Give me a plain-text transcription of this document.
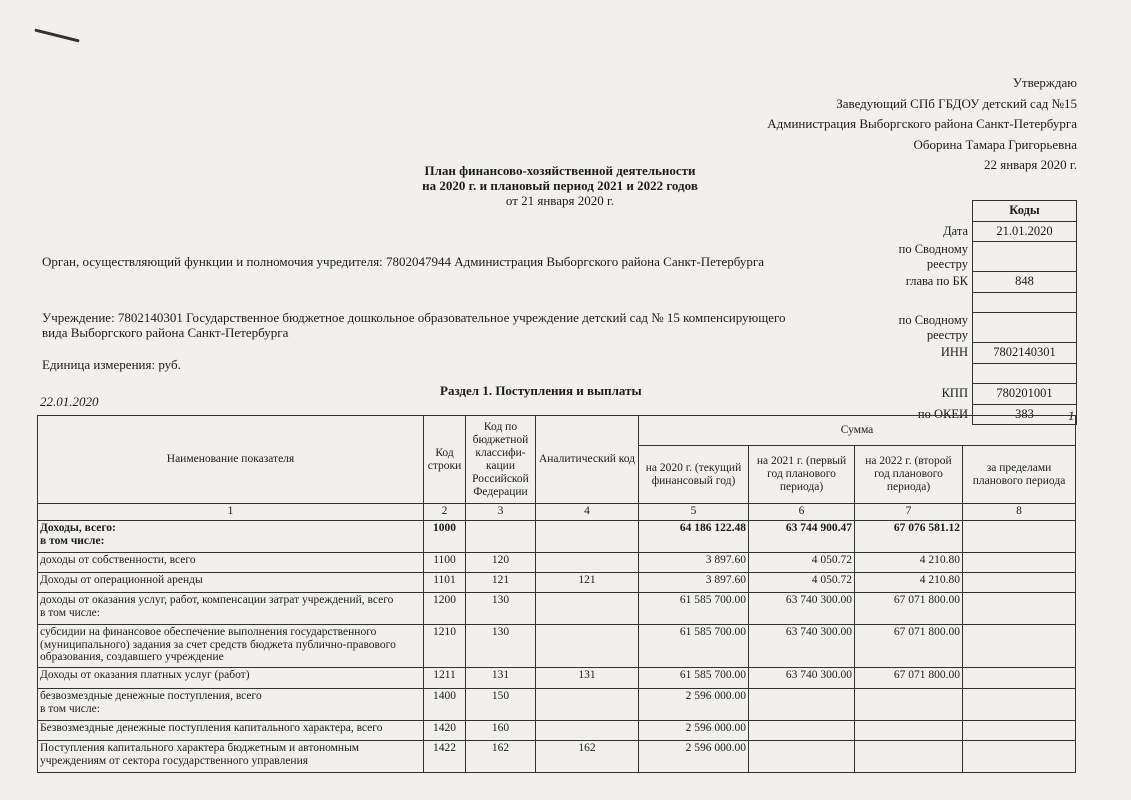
Утверждаю
Заведующий СПб ГБДОУ детский сад №15
Администрация Выборгского района Санкт-Петербурга
Оборина Тамара Григорьевна
22 января 2020 г.
План финансово-хозяйственной деятельности
на 2020 г. и плановый период 2021 и 2022 годов
от 21 января 2020 г.
	Коды
Дата	21.01.2020
по Сводному реестру	
глава по БК	848

по Сводному реестру	
ИНН	7802140301

КПП	780201001
по ОКЕИ	383
Орган, осуществляющий функции и полномочия учредителя: 7802047944 Администрация Выборгского района Санкт-Петербурга
Учреждение: 7802140301 Государственное бюджетное дошкольное образовательное учреждение детский сад № 15 компенсирующего
вида Выборгского района Санкт-Петербурга
Единица измерения: руб.
Раздел 1. Поступления и выплаты
22.01.2020
1
Наименование показателя	Код строки	Код по бюджетной классифи-кации Российской Федерации	Аналитический код	Сумма			
				на 2020 г. (текущий финансовый год)	на 2021 г. (первый год планового периода)	на 2022 г. (второй год планового периода)	за пределами планового периода
1	2	3	4	5	6	7	8
Доходы, всего:
в том числе:	1000			64 186 122.48	63 744 900.47	67 076 581.12	
доходы от собственности, всего	1100	120		3 897.60	4 050.72	4 210.80	
Доходы от операционной аренды	1101	121	121	3 897.60	4 050.72	4 210.80	
доходы от оказания услуг, работ, компенсации затрат учреждений, всего
в том числе:	1200	130		61 585 700.00	63 740 300.00	67 071 800.00	
субсидии на финансовое обеспечение выполнения государственного (муниципального) задания за счет средств бюджета публично-правового образования, создавшего учреждение	1210	130		61 585 700.00	63 740 300.00	67 071 800.00	
Доходы от оказания платных услуг (работ)	1211	131	131	61 585 700.00	63 740 300.00	67 071 800.00	
безвозмездные денежные поступления, всего
в том числе:	1400	150		2 596 000.00			
Безвозмездные денежные поступления капитального характера, всего	1420	160		2 596 000.00			
Поступления капитального характера бюджетным и автономным учреждениям от сектора государственного управления	1422	162	162	2 596 000.00			
